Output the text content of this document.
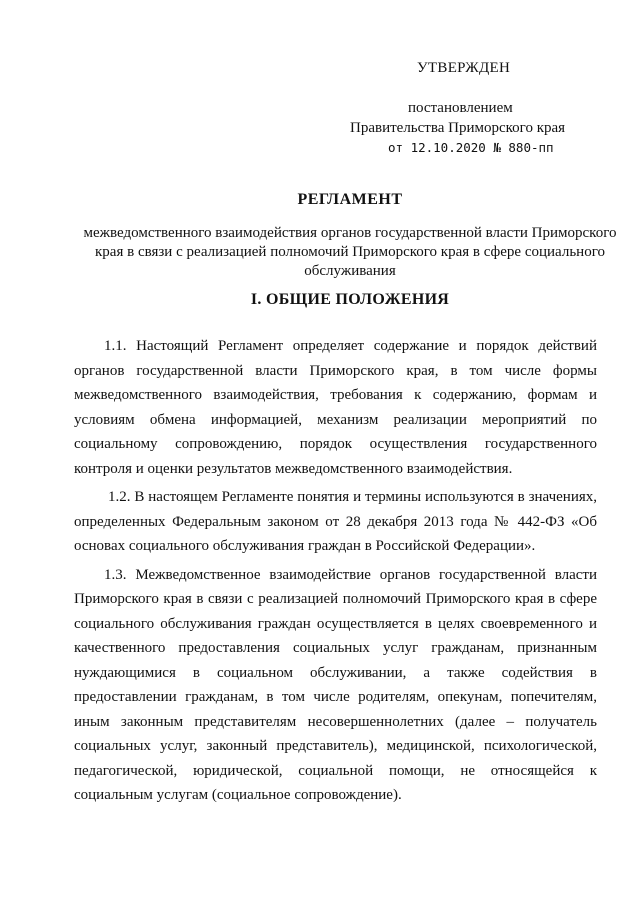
УТВЕРЖДЕН
постановлением
Правительства Приморского края
от 12.10.2020 № 880-пп
РЕГЛАМЕНТ

межведомственного взаимодействия органов государственной власти Приморского края в связи с реализацией полномочий Приморского края в сфере социального обслуживания

I. ОБЩИЕ ПОЛОЖЕНИЯ

1.1. Настоящий Регламент определяет содержание и порядок действий органов государственной власти Приморского края, в том числе формы межведомственного взаимодействия, требования к содержанию, формам и условиям обмена информацией, механизм реализации мероприятий по социальному сопровождению, порядок осуществления государственного контроля и оценки результатов межведомственного взаимодействия.

1.2. В настоящем Регламенте понятия и термины используются в значениях, определенных Федеральным законом от 28 декабря 2013 года № 442-ФЗ «Об основах социального обслуживания граждан в Российской Федерации».

1.3. Межведомственное взаимодействие органов государственной власти Приморского края в связи с реализацией полномочий Приморского края в сфере социального обслуживания граждан осуществляется в целях своевременного и качественного предоставления социальных услуг гражданам, признанным нуждающимися в социальном обслуживании, а также содействия в предоставлении гражданам, в том числе родителям, опекунам, попечителям, иным законным представителям несовершеннолетних (далее – получатель социальных услуг, законный представитель), медицинской, психологической, педагогической, юридической, социальной помощи, не относящейся к социальным услугам (социальное сопровождение).
